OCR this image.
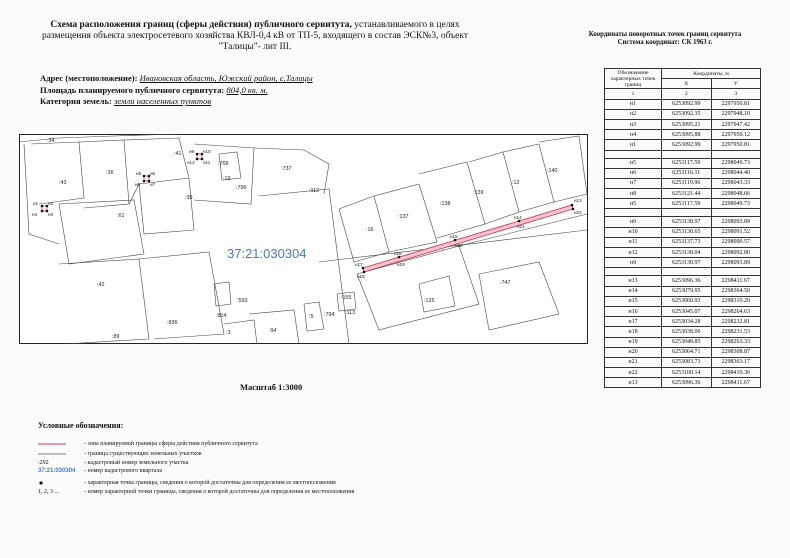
Схема расположения границ (сферы действия) публичного сервитута, устанавливаемого в целях размещения объекта электросетевого хозяйства КВЛ-0,4 кВ от ТП-5, входящего в состав ЭСК№3, объект "Талицы"- лит III.
Адрес (местоположение): Ивановская область, Южский район, с.Талицы
Площадь планируемого публичного сервитута: 804,0 кв. м.
Категория земель: земли населенных пунктов
н1 н2
н3
н4
н5 н6
н7
н8
н9 н10
н11
н12
н13
н14
н15
н16
н17
н18
н19
н20
н21
н22
:34
:43
:36
:41
:768
:19
:796
:737
:39
:61
:112
:16
:137
:138
:139
:12
:140
:42
:593	:155	:125
:747
:814
:836
:89
:3	:94
:5 :794 :113
37:21:030304
Масштаб 1:3000
Условные обозначения:
- зона планируемой границы сферы действия публичного сервитута
- граница существующих земельных участков
:292	- кадастровый номер земельного участка
37:21:030304	- номер кадастрового квартала
- характерная точка границы, сведения о которой достаточны для определения ее местоположения
1, 2, 3 ...	- номер характерной точки границы, сведения о которой достаточны для определения ее местоположения
Координаты поворотных точек границ сервитута
Система координат: СК 1963 г.
Обозначение характерных точек границ	Координаты, м	
	X	У
1	2	3
н1	6253092.99	2297950.81
н2	6253092.35	2297948.10
н3	6253095.21	2297947.42
н4	6253095.88	2297950.12
н1	6253092.99	2297950.81

н5	6253117.59	2298049.73
н6	6253116.11	2298044.40
н7	6253119.96	2298043.33
н8	6253121.44	2298048.66
н5	6253117.59	2298049.73

н9	6253130.97	2298093.89
н10	6253130.65	2298091.52
н11	6253137.73	2298090.57
н12	6253138.04	2298092.80
н9	6253130.97	2298093.89

н13	6253096.36	2298411.67
н14	6253079.95	2298364.50
н15	6253060.93	2298310.20
н16	6253045.07	2298264.63
н17	6253034.28	2298232.81
н18	6253038.06	2298231.53
н19	6253048.85	2298263.33
н20	6253064.71	2298308.87
н21	6253083.73	2298363.17
н22	6253100.14	2298410.36
н13	6253096.36	2298411.67
